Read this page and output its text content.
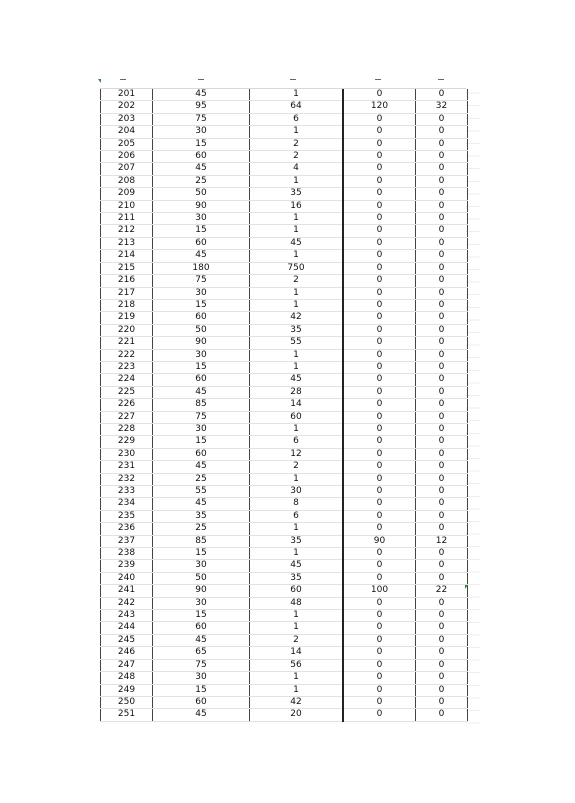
201	45	1	0	0
202	95	64	120	32
203	75	6	0	0
204	30	1	0	0
205	15	2	0	0
206	60	2	0	0
207	45	4	0	0
208	25	1	0	0
209	50	35	0	0
210	90	16	0	0
211	30	1	0	0
212	15	1	0	0
213	60	45	0	0
214	45	1	0	0
215	180	750	0	0
216	75	2	0	0
217	30	1	0	0
218	15	1	0	0
219	60	42	0	0
220	50	35	0	0
221	90	55	0	0
222	30	1	0	0
223	15	1	0	0
224	60	45	0	0
225	45	28	0	0
226	85	14	0	0
227	75	60	0	0
228	30	1	0	0
229	15	6	0	0
230	60	12	0	0
231	45	2	0	0
232	25	1	0	0
233	55	30	0	0
234	45	8	0	0
235	35	6	0	0
236	25	1	0	0
237	85	35	90	12
238	15	1	0	0
239	30	45	0	0
240	50	35	0	0
241	90	60	100	22
242	30	48	0	0
243	15	1	0	0
244	60	1	0	0
245	45	2	0	0
246	65	14	0	0
247	75	56	0	0
248	30	1	0	0
249	15	1	0	0
250	60	42	0	0
251	45	20	0	0
